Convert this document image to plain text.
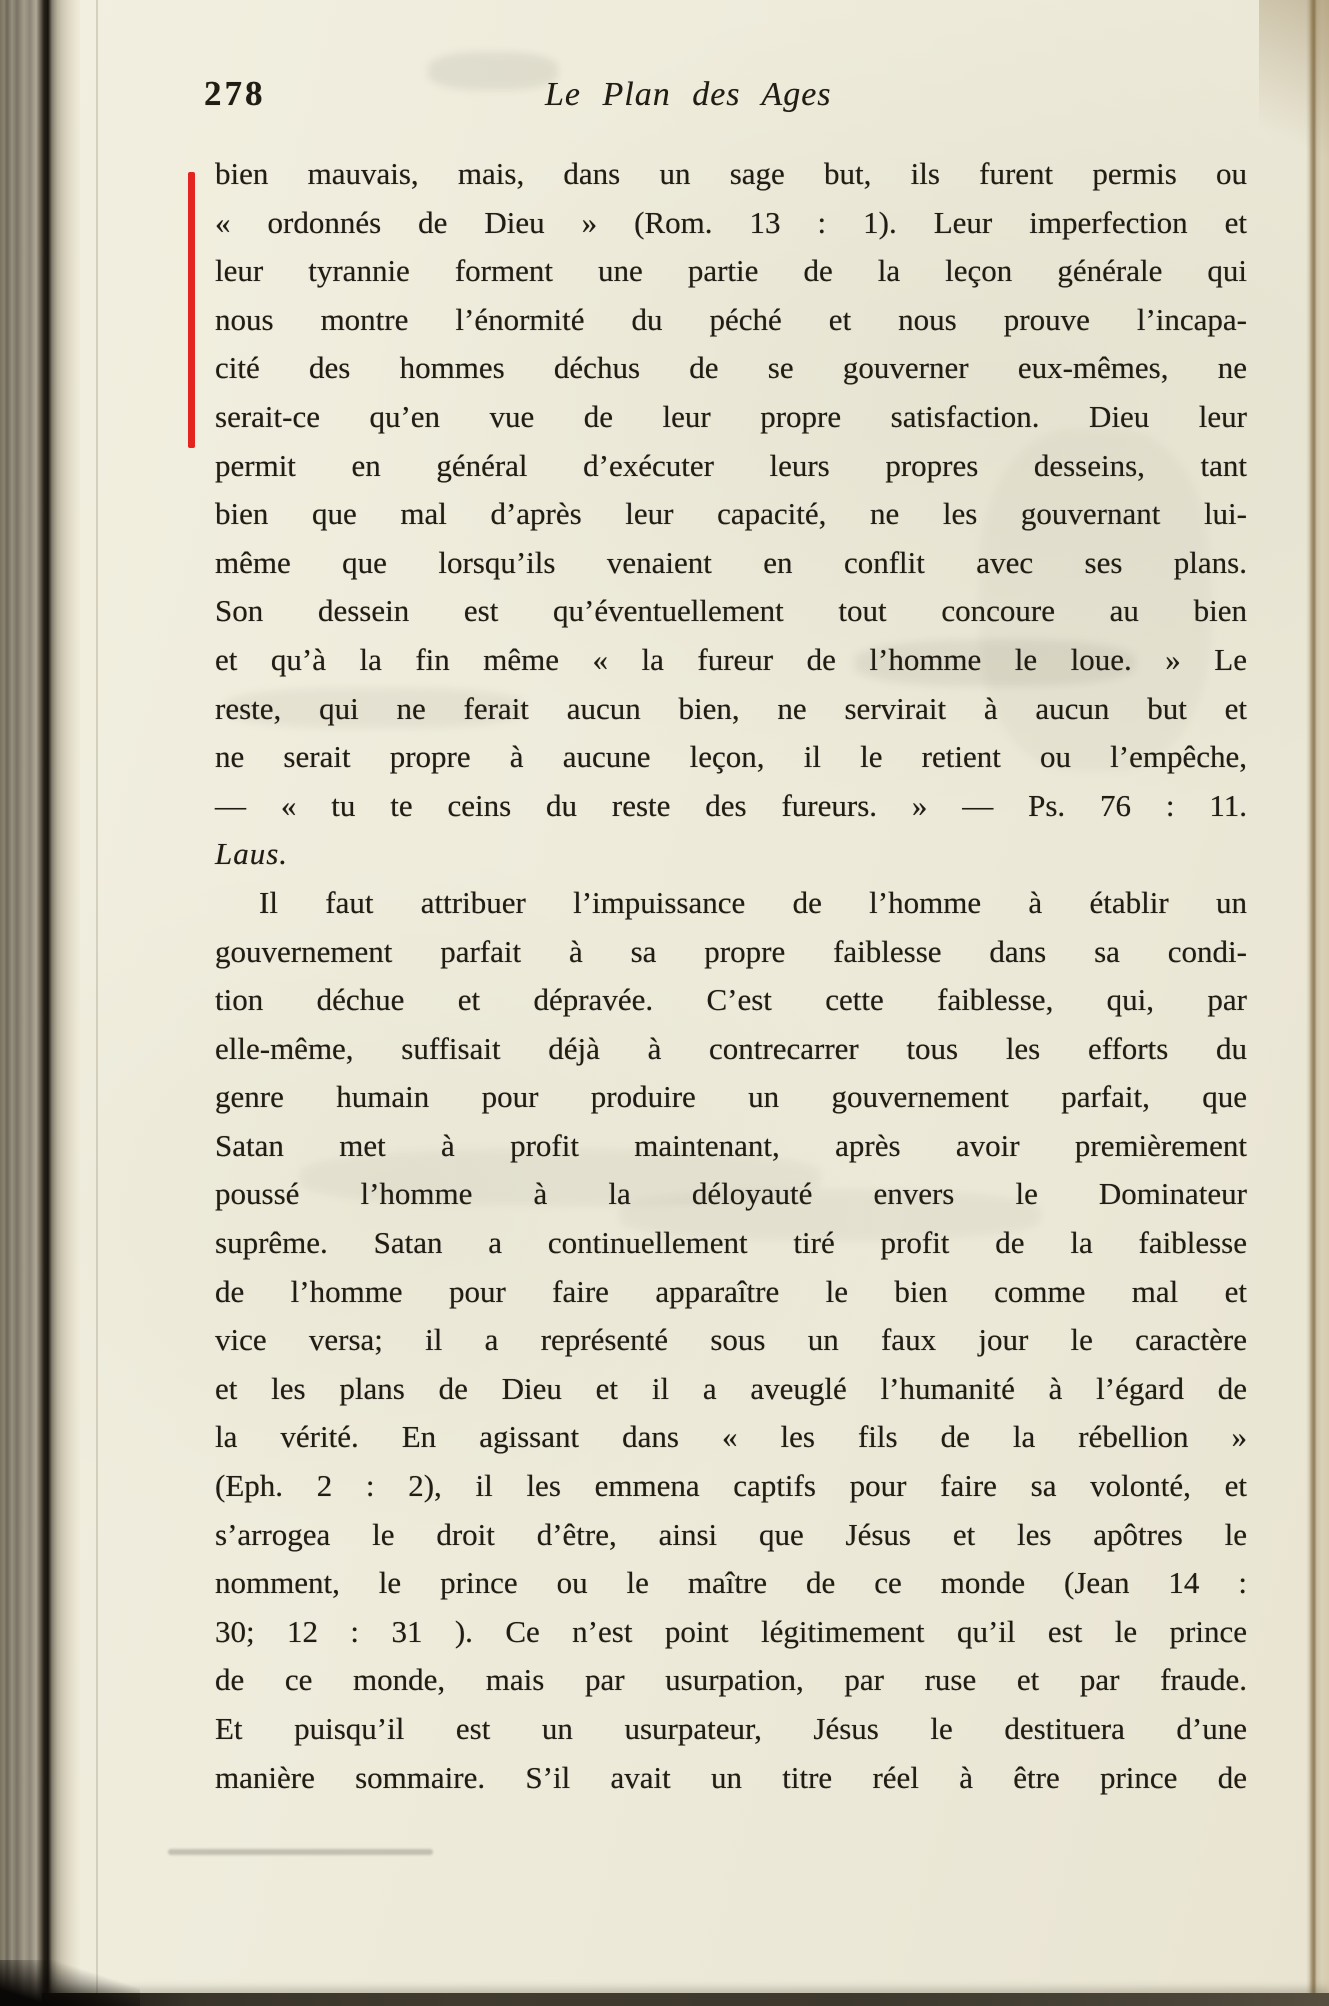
278	Le Plan des Ages
bien mauvais, mais, dans un sage but, ils furent permis ou
« ordonnés de Dieu » (Rom. 13 : 1). Leur imperfection et
leur tyrannie forment une partie de la leçon générale qui
nous montre l’énormité du péché et nous prouve l’incapa-
cité des hommes déchus de se gouverner eux-mêmes, ne
serait-ce qu’en vue de leur propre satisfaction. Dieu leur
permit en général d’exécuter leurs propres desseins, tant
bien que mal d’après leur capacité, ne les gouvernant lui-
même que lorsqu’ils venaient en conflit avec ses plans.
Son dessein est qu’éventuellement tout concoure au bien
et qu’à la fin même « la fureur de l’homme le loue. » Le
reste, qui ne ferait aucun bien, ne servirait à aucun but et
ne serait propre à aucune leçon, il le retient ou l’empêche,
— « tu te ceins du reste des fureurs. » — Ps. 76 : 11.
Laus.
Il faut attribuer l’impuissance de l’homme à établir un
gouvernement parfait à sa propre faiblesse dans sa condi-
tion déchue et dépravée. C’est cette faiblesse, qui, par
elle-même, suffisait déjà à contrecarrer tous les efforts du
genre humain pour produire un gouvernement parfait, que
Satan met à profit maintenant, après avoir premièrement
poussé l’homme à la déloyauté envers le Dominateur
suprême. Satan a continuellement tiré profit de la faiblesse
de l’homme pour faire apparaître le bien comme mal et
vice versa; il a représenté sous un faux jour le caractère
et les plans de Dieu et il a aveuglé l’humanité à l’égard de
la vérité. En agissant dans « les fils de la rébellion »
(Eph. 2 : 2), il les emmena captifs pour faire sa volonté, et
s’arrogea le droit d’être, ainsi que Jésus et les apôtres le
nomment, le prince ou le maître de ce monde (Jean 14 :
30; 12 : 31 ). Ce n’est point légitimement qu’il est le prince
de ce monde, mais par usurpation, par ruse et par fraude.
Et puisqu’il est un usurpateur, Jésus le destituera d’une
manière sommaire. S’il avait un titre réel à être prince de
